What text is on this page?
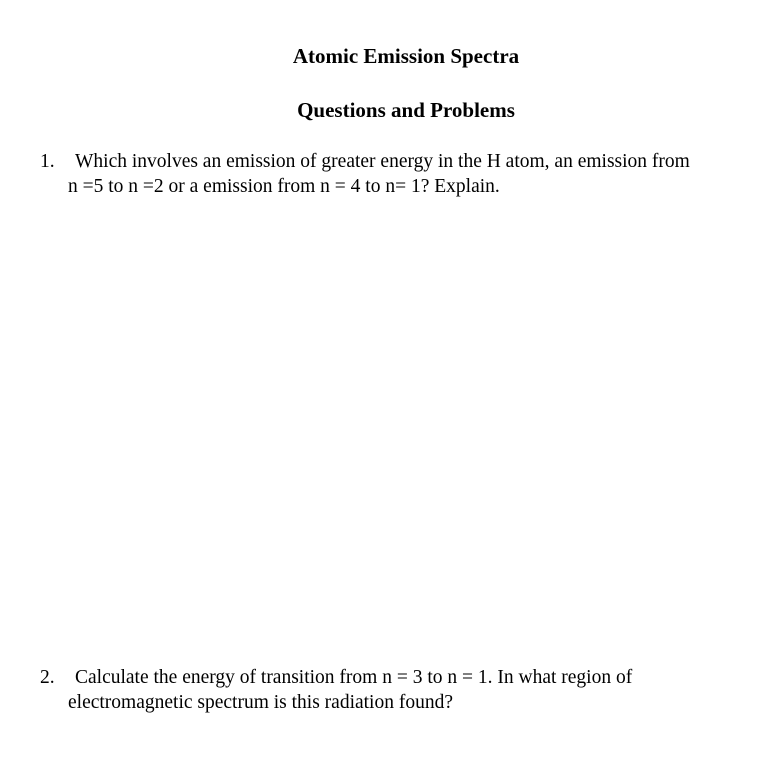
Atomic Emission Spectra
Questions and Problems
1. Which involves an emission of greater energy in the H atom, an emission from
n =5 to n =2 or a emission from n = 4 to n= 1? Explain.
2. Calculate the energy of transition from n = 3 to n = 1. In what region of
electromagnetic spectrum is this radiation found?
